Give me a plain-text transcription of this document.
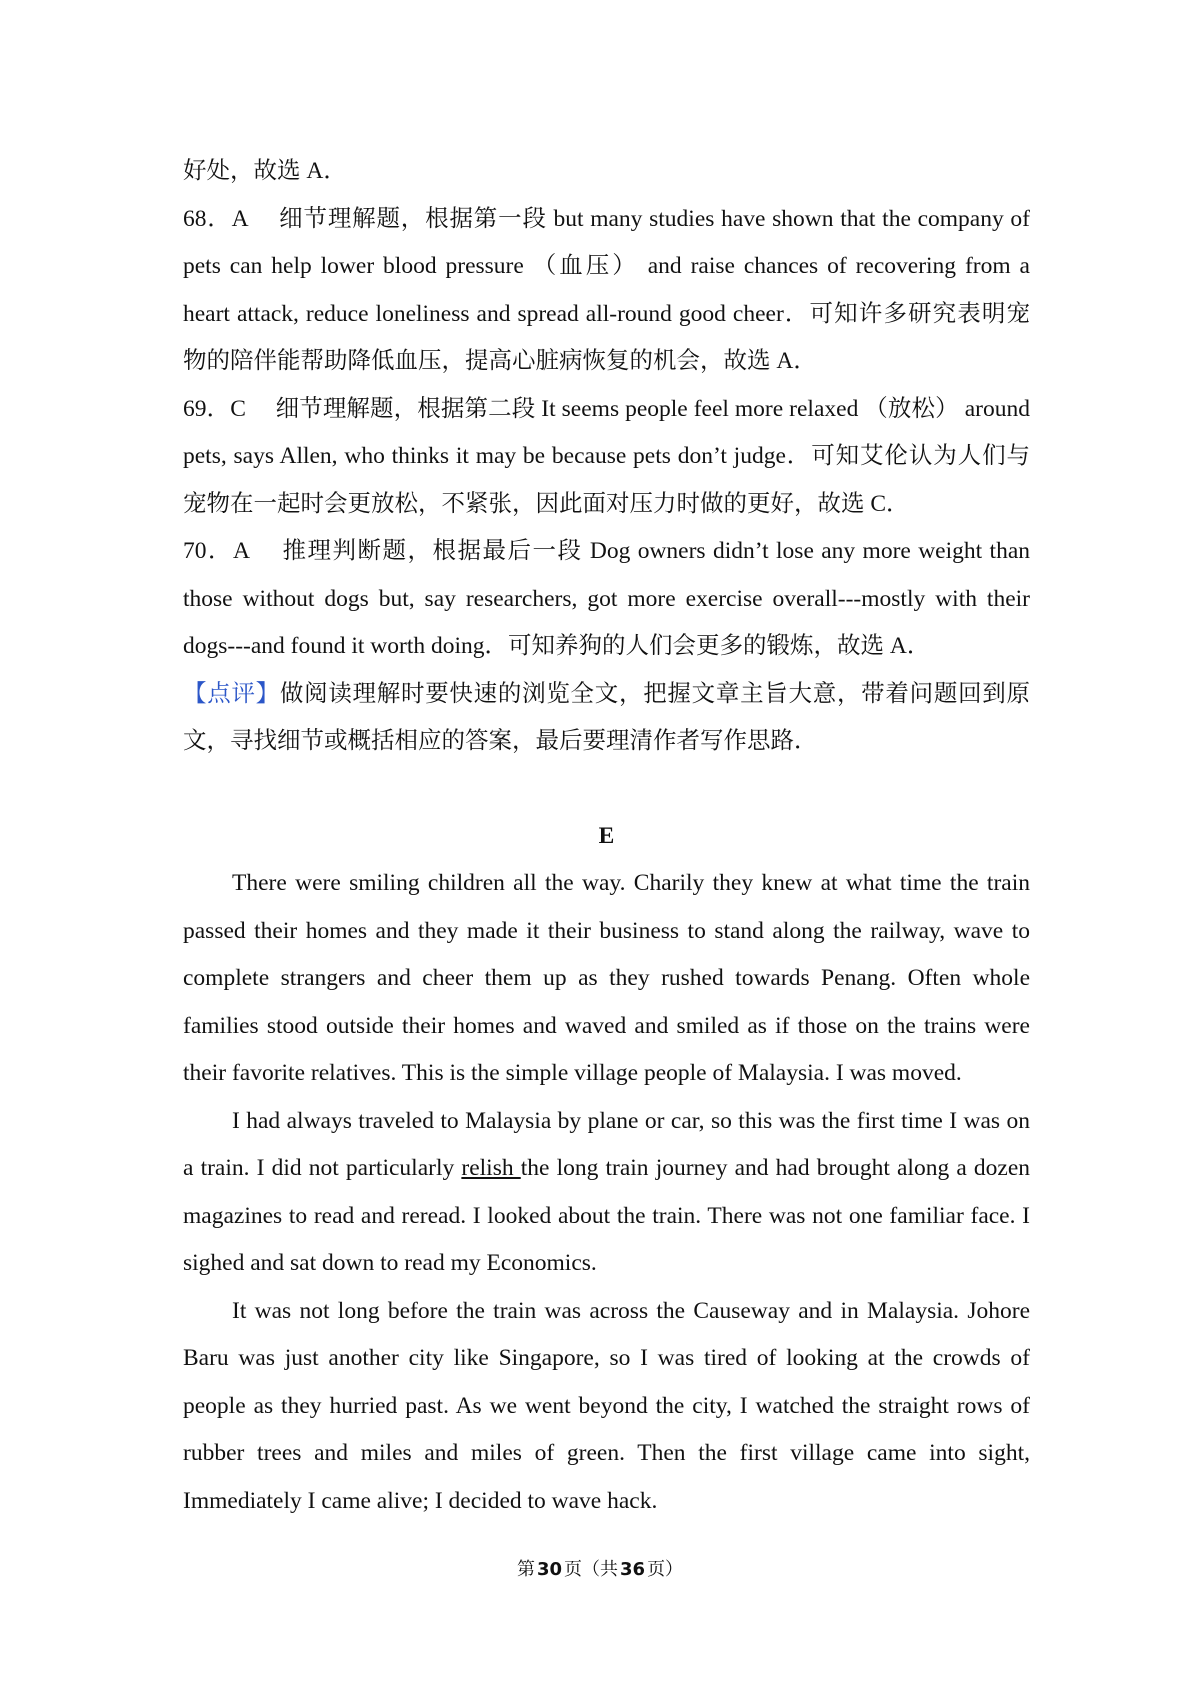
好处，故选 A．

68．A　 细节理解题，根据第一段 but many studies have shown that the company of pets can help lower blood pressure （血压） and raise chances of recovering from a heart attack, reduce loneliness and spread all-round good cheer．可知许多研究表明宠物的陪伴能帮助降低血压，提高心脏病恢复的机会，故选 A．

69．C　 细节理解题，根据第二段 It seems people feel more relaxed （放松） around pets, says Allen, who thinks it may be because pets don’t judge．可知艾伦认为人们与宠物在一起时会更放松，不紧张，因此面对压力时做的更好，故选 C．

70．A　 推理判断题，根据最后一段 Dog owners didn’t lose any more weight than those without dogs but, say researchers, got more exercise overall---mostly with their dogs---and found it worth doing．可知养狗的人们会更多的锻炼，故选 A．

【点评】做阅读理解时要快速的浏览全文，把握文章主旨大意，带着问题回到原文，寻找细节或概括相应的答案，最后要理清作者写作思路．

E

There were smiling children all the way. Charily they knew at what time the train passed their homes and they made it their business to stand along the railway, wave to complete strangers and cheer them up as they rushed towards Penang. Often whole families stood outside their homes and waved and smiled as if those on the trains were their favorite relatives. This is the simple village people of Malaysia. I was moved.

I had always traveled to Malaysia by plane or car, so this was the first time I was on a train. I did not particularly relish the long train journey and had brought along a dozen magazines to read and reread. I looked about the train. There was not one familiar face. I sighed and sat down to read my Economics.

It was not long before the train was across the Causeway and in Malaysia. Johore Baru was just another city like Singapore, so I was tired of looking at the crowds of people as they hurried past. As we went beyond the city, I watched the straight rows of rubber trees and miles and miles of green. Then the first village came into sight, Immediately I came alive; I decided to wave hack.

第 30 页（共 36 页）
